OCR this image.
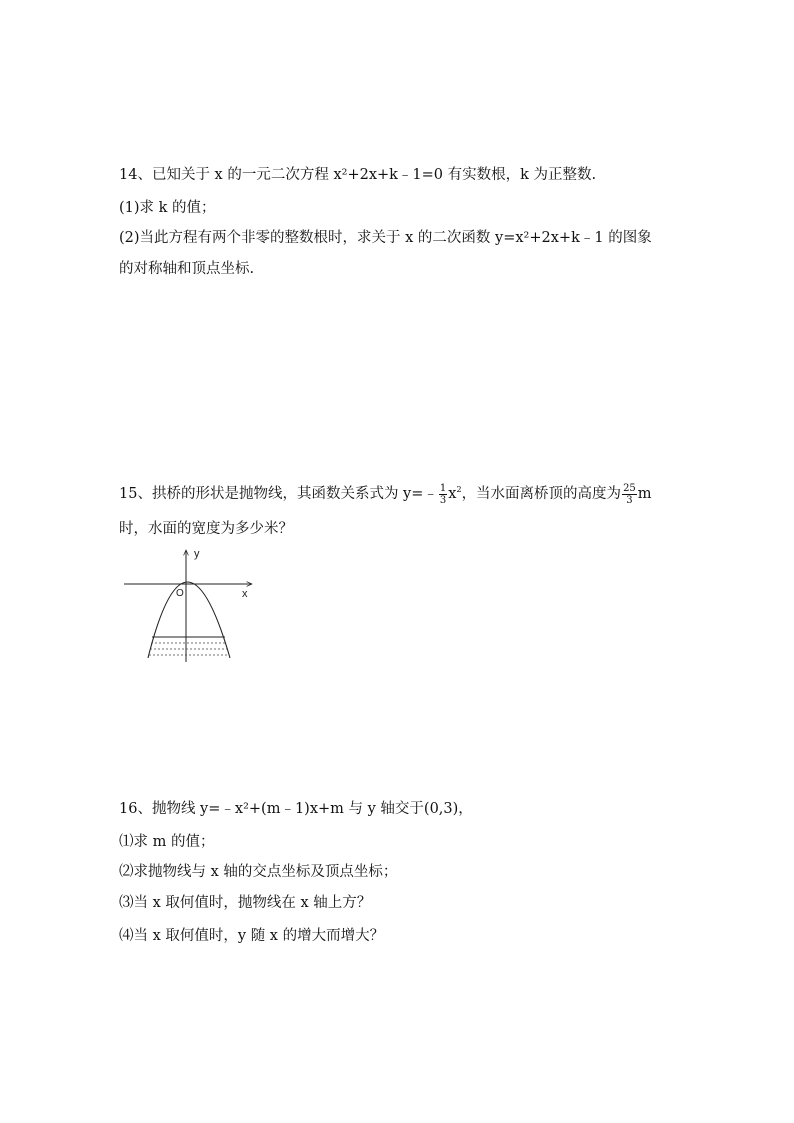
14、已知关于 x 的一元二次方程 x²+2x+k﹣1=0 有实数根，k 为正整数.
(1)求 k 的值；
(2)当此方程有两个非零的整数根时，求关于 x 的二次函数 y=x²+2x+k﹣1 的图象
的对称轴和顶点坐标.
15、拱桥的形状是抛物线，其函数关系式为 y=﹣ $\frac{1}{3} x^2$，当水面离桥顶的高度为 $\frac{25}{3}$ m
时，水面的宽度为多少米？
y
x
O
16、抛物线 y=﹣x²+(m﹣1)x+m 与 y 轴交于(0,3)，
⑴求 m 的值；
⑵求抛物线与 x 轴的交点坐标及顶点坐标；
⑶当 x 取何值时，抛物线在 x 轴上方？
⑷当 x 取何值时，y 随 x 的增大而增大？
